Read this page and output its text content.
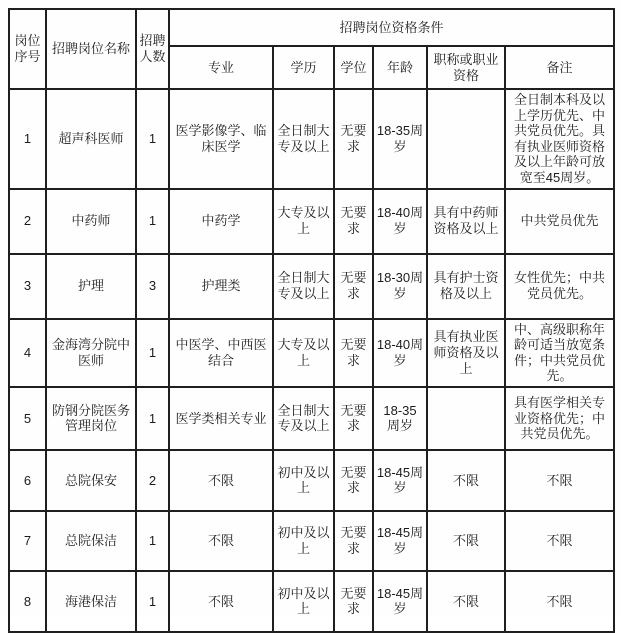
岗位序号	招聘岗位名称	招聘人数	招聘岗位资格条件					
			专业	学历	学位	年龄	职称或职业资格	备注
1	超声科医师	1	医学影像学、临床医学	全日制大专及以上	无要求	18-35周岁		全日制本科及以上学历优先、中共党员优先。具有执业医师资格及以上年龄可放宽至45周岁。
2	中药师	1	中药学	大专及以上	无要求	18-40周岁	具有中药师资格及以上	中共党员优先
3	护理	3	护理类	全日制大专及以上	无要求	18-30周岁	具有护士资格及以上	女性优先；中共党员优先。
4	金海湾分院中医师	1	中医学、中西医结合	大专及以上	无要求	18-40周岁	具有执业医师资格及以上	中、高级职称年龄可适当放宽条件；中共党员优先。
5	防钢分院医务管理岗位	1	医学类相关专业	全日制大专及以上	无要求	18-35 周岁		具有医学相关专业资格优先；中共党员优先。
6	总院保安	2	不限	初中及以上	无要求	18-45周岁	不限	不限
7	总院保洁	1	不限	初中及以上	无要求	18-45周岁	不限	不限
8	海港保洁	1	不限	初中及以上	无要求	18-45周岁	不限	不限
